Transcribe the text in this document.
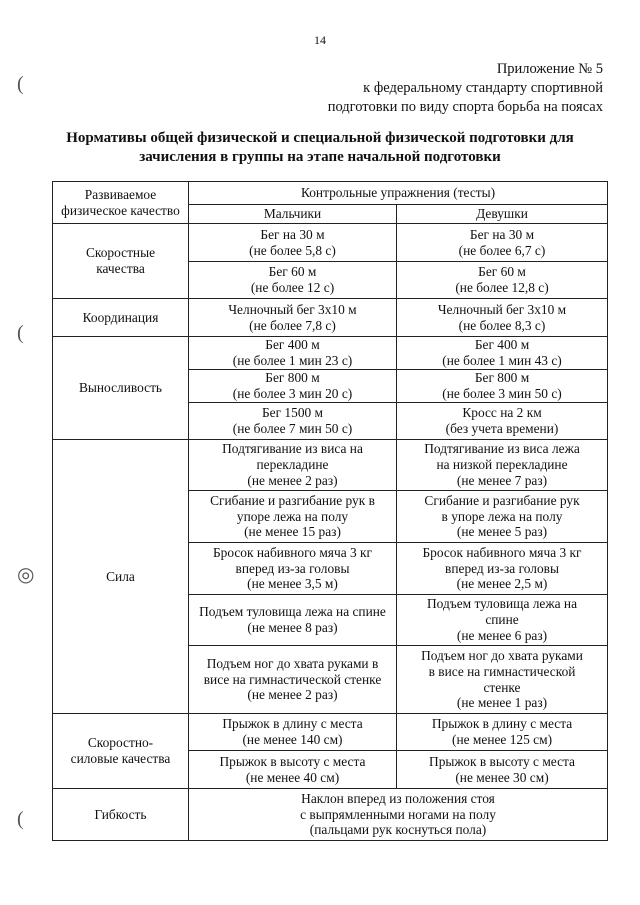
14
Приложение № 5
к федеральному стандарту спортивной
подготовки по виду спорта борьба на поясах
Нормативы общей физической и специальной физической подготовки для
зачисления в группы на этапе начальной подготовки
(
(
◎
(
Развиваемое
физическое качество	Контрольные упражнения (тесты)	

	Мальчики	Девушки

Скоростные
качества	Бег на 30 м
(не более 5,8 с)	Бег на 30 м
(не более 6,7 с)

	Бег 60 м
(не более 12 с)	Бег 60 м
(не более 12,8 с)

Координация	Челночный бег 3х10 м
(не более 7,8 с)	Челночный бег 3х10 м
(не более 8,3 с)

Выносливость	Бег 400 м
(не более 1 мин 23 с)	Бег 400 м
(не более 1 мин 43 с)

	Бег 800 м
(не более 3 мин 20 с)	Бег 800 м
(не более 3 мин 50 с)

	Бег 1500 м
(не более 7 мин 50 с)	Кросс на 2 км
(без учета времени)

Сила	Подтягивание из виса на
перекладине
(не менее 2 раз)	Подтягивание из виса лежа
на низкой перекладине
(не менее 7 раз)

	Сгибание и разгибание рук в
упоре лежа на полу
(не менее 15 раз)	Сгибание и разгибание рук
в упоре лежа на полу
(не менее 5 раз)

	Бросок набивного мяча 3 кг
вперед из-за головы
(не менее 3,5 м)	Бросок набивного мяча 3 кг
вперед из-за головы
(не менее 2,5 м)

	Подъем туловища лежа на спине
(не менее 8 раз)	Подъем туловища лежа на
спине
(не менее 6 раз)

	Подъем ног до хвата руками в
висе на гимнастической стенке
(не менее 2 раз)	Подъем ног до хвата руками
в висе на гимнастической
стенке
(не менее 1 раз)

Скоростно-
силовые качества	Прыжок в длину с места
(не менее 140 см)	Прыжок в длину с места
(не менее 125 см)

	Прыжок в высоту с места
(не менее 40 см)	Прыжок в высоту с места
(не менее 30 см)

Гибкость	Наклон вперед из положения стоя
с выпрямленными ногами на полу
(пальцами рук коснуться пола)	
